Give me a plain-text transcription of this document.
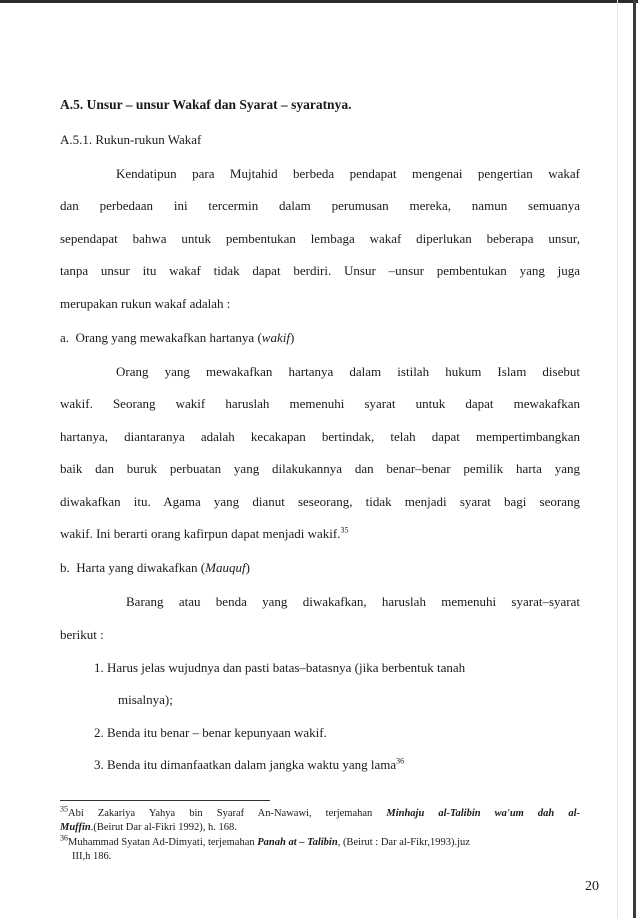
A.5. Unsur – unsur Wakaf dan Syarat – syaratnya.
A.5.1. Rukun-rukun Wakaf
Kendatipun para Mujtahid berbeda pendapat mengenai pengertian wakaf
dan perbedaan ini tercermin dalam perumusan mereka, namun semuanya
sependapat bahwa untuk pembentukan lembaga wakaf diperlukan beberapa unsur,
tanpa unsur itu wakaf tidak dapat berdiri. Unsur –unsur pembentukan yang juga
merupakan rukun wakaf adalah :
a. Orang yang mewakafkan hartanya (wakif)
Orang yang mewakafkan hartanya dalam istilah hukum Islam disebut
wakif. Seorang wakif haruslah memenuhi syarat untuk dapat mewakafkan
hartanya, diantaranya adalah kecakapan bertindak, telah dapat mempertimbangkan
baik dan buruk perbuatan yang dilakukannya dan benar–benar pemilik harta yang
diwakafkan itu. Agama yang dianut seseorang, tidak menjadi syarat bagi seorang
wakif. Ini berarti orang kafirpun dapat menjadi wakif.$^{35}$
b. Harta yang diwakafkan (Mauquf)
Barang atau benda yang diwakafkan, haruslah memenuhi syarat–syarat
berikut :
1. Harus jelas wujudnya dan pasti batas–batasnya (jika berbentuk tanah
misalnya);
2. Benda itu benar – benar kepunyaan wakif.
3. Benda itu dimanfaatkan dalam jangka waktu yang lama$^{36}$
$^{35}$Abi Zakariya Yahya bin Syaraf An-Nawawi, terjemahan Minhaju al-Talibin wa'um dah al-
Muffin.(Beirut Dar al-Fikri 1992), h. 168.
$^{36}$Muhammad Syatan Ad-Dimyati, terjemahan Panah at – Talibin, (Beirut : Dar al-Fikr,1993).juz
III,h 186.
20
